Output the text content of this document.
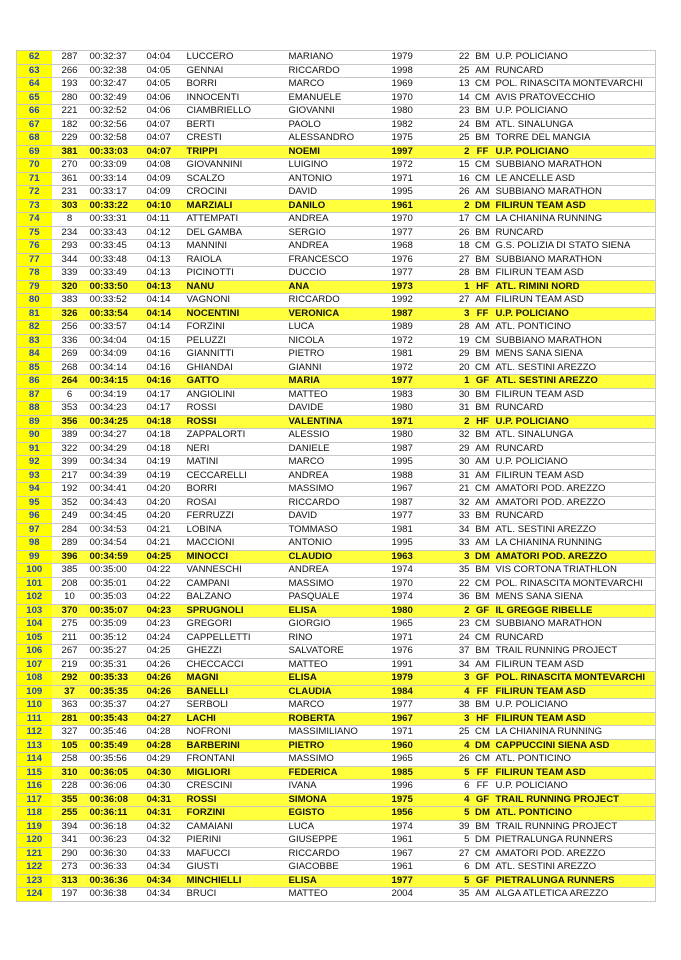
62	287	00:32:37	04:04	LUCCERO	MARIANO	1979	22	BM	U.P. POLICIANO
63	266	00:32:38	04:05	GENNAI	RICCARDO	1998	25	AM	RUNCARD
64	193	00:32:47	04:05	BORRI	MARCO	1969	13	CM	POL. RINASCITA MONTEVARCHI
65	280	00:32:49	04:06	INNOCENTI	EMANUELE	1970	14	CM	AVIS PRATOVECCHIO
66	221	00:32:52	04:06	CIAMBRIELLO	GIOVANNI	1980	23	BM	U.P. POLICIANO
67	182	00:32:56	04:07	BERTI	PAOLO	1982	24	BM	ATL. SINALUNGA
68	229	00:32:58	04:07	CRESTI	ALESSANDRO	1975	25	BM	TORRE DEL MANGIA
69	381	00:33:03	04:07	TRIPPI	NOEMI	1997	2	FF	U.P. POLICIANO
70	270	00:33:09	04:08	GIOVANNINI	LUIGINO	1972	15	CM	SUBBIANO MARATHON
71	361	00:33:14	04:09	SCALZO	ANTONIO	1971	16	CM	LE ANCELLE ASD
72	231	00:33:17	04:09	CROCINI	DAVID	1995	26	AM	SUBBIANO MARATHON
73	303	00:33:22	04:10	MARZIALI	DANILO	1961	2	DM	FILIRUN TEAM ASD
74	8	00:33:31	04:11	ATTEMPATI	ANDREA	1970	17	CM	LA CHIANINA RUNNING
75	234	00:33:43	04:12	DEL GAMBA	SERGIO	1977	26	BM	RUNCARD
76	293	00:33:45	04:13	MANNINI	ANDREA	1968	18	CM	G.S. POLIZIA DI STATO SIENA
77	344	00:33:48	04:13	RAIOLA	FRANCESCO	1976	27	BM	SUBBIANO MARATHON
78	339	00:33:49	04:13	PICINOTTI	DUCCIO	1977	28	BM	FILIRUN TEAM ASD
79	320	00:33:50	04:13	NANU	ANA	1973	1	HF	ATL. RIMINI NORD
80	383	00:33:52	04:14	VAGNONI	RICCARDO	1992	27	AM	FILIRUN TEAM ASD
81	326	00:33:54	04:14	NOCENTINI	VERONICA	1987	3	FF	U.P. POLICIANO
82	256	00:33:57	04:14	FORZINI	LUCA	1989	28	AM	ATL. PONTICINO
83	336	00:34:04	04:15	PELUZZI	NICOLA	1972	19	CM	SUBBIANO MARATHON
84	269	00:34:09	04:16	GIANNITTI	PIETRO	1981	29	BM	MENS SANA SIENA
85	268	00:34:14	04:16	GHIANDAI	GIANNI	1972	20	CM	ATL. SESTINI AREZZO
86	264	00:34:15	04:16	GATTO	MARIA	1977	1	GF	ATL. SESTINI AREZZO
87	6	00:34:19	04:17	ANGIOLINI	MATTEO	1983	30	BM	FILIRUN TEAM ASD
88	353	00:34:23	04:17	ROSSI	DAVIDE	1980	31	BM	RUNCARD
89	356	00:34:25	04:18	ROSSI	VALENTINA	1971	2	HF	U.P. POLICIANO
90	389	00:34:27	04:18	ZAPPALORTI	ALESSIO	1980	32	BM	ATL. SINALUNGA
91	322	00:34:29	04:18	NERI	DANIELE	1987	29	AM	RUNCARD
92	399	00:34:34	04:19	MATINI	MARCO	1995	30	AM	U.P. POLICIANO
93	217	00:34:39	04:19	CECCARELLI	ANDREA	1988	31	AM	FILIRUN TEAM ASD
94	192	00:34:41	04:20	BORRI	MASSIMO	1967	21	CM	AMATORI POD. AREZZO
95	352	00:34:43	04:20	ROSAI	RICCARDO	1987	32	AM	AMATORI POD. AREZZO
96	249	00:34:45	04:20	FERRUZZI	DAVID	1977	33	BM	RUNCARD
97	284	00:34:53	04:21	LOBINA	TOMMASO	1981	34	BM	ATL. SESTINI AREZZO
98	289	00:34:54	04:21	MACCIONI	ANTONIO	1995	33	AM	LA CHIANINA RUNNING
99	396	00:34:59	04:25	MINOCCI	CLAUDIO	1963	3	DM	AMATORI POD. AREZZO
100	385	00:35:00	04:22	VANNESCHI	ANDREA	1974	35	BM	VIS CORTONA TRIATHLON
101	208	00:35:01	04:22	CAMPANI	MASSIMO	1970	22	CM	POL. RINASCITA MONTEVARCHI
102	10	00:35:03	04:22	BALZANO	PASQUALE	1974	36	BM	MENS SANA SIENA
103	370	00:35:07	04:23	SPRUGNOLI	ELISA	1980	2	GF	IL GREGGE RIBELLE
104	275	00:35:09	04:23	GREGORI	GIORGIO	1965	23	CM	SUBBIANO MARATHON
105	211	00:35:12	04:24	CAPPELLETTI	RINO	1971	24	CM	RUNCARD
106	267	00:35:27	04:25	GHEZZI	SALVATORE	1976	37	BM	TRAIL RUNNING PROJECT
107	219	00:35:31	04:26	CHECCACCI	MATTEO	1991	34	AM	FILIRUN TEAM ASD
108	292	00:35:33	04:26	MAGNI	ELISA	1979	3	GF	POL. RINASCITA MONTEVARCHI
109	37	00:35:35	04:26	BANELLI	CLAUDIA	1984	4	FF	FILIRUN TEAM ASD
110	363	00:35:37	04:27	SERBOLI	MARCO	1977	38	BM	U.P. POLICIANO
111	281	00:35:43	04:27	LACHI	ROBERTA	1967	3	HF	FILIRUN TEAM ASD
112	327	00:35:46	04:28	NOFRONI	MASSIMILIANO	1971	25	CM	LA CHIANINA RUNNING
113	105	00:35:49	04:28	BARBERINI	PIETRO	1960	4	DM	CAPPUCCINI SIENA ASD
114	258	00:35:56	04:29	FRONTANI	MASSIMO	1965	26	CM	ATL. PONTICINO
115	310	00:36:05	04:30	MIGLIORI	FEDERICA	1985	5	FF	FILIRUN TEAM ASD
116	228	00:36:06	04:30	CRESCINI	IVANA	1996	6	FF	U.P. POLICIANO
117	355	00:36:08	04:31	ROSSI	SIMONA	1975	4	GF	TRAIL RUNNING PROJECT
118	255	00:36:11	04:31	FORZINI	EGISTO	1956	5	DM	ATL. PONTICINO
119	394	00:36:18	04:32	CAMAIANI	LUCA	1974	39	BM	TRAIL RUNNING PROJECT
120	341	00:36:23	04:32	PIERINI	GIUSEPPE	1961	5	DM	PIETRALUNGA RUNNERS
121	290	00:36:30	04:33	MAFUCCI	RICCARDO	1967	27	CM	AMATORI POD. AREZZO
122	273	00:36:33	04:34	GIUSTI	GIACOBBE	1961	6	DM	ATL. SESTINI AREZZO
123	313	00:36:36	04:34	MINCHIELLI	ELISA	1977	5	GF	PIETRALUNGA RUNNERS
124	197	00:36:38	04:34	BRUCI	MATTEO	2004	35	AM	ALGA ATLETICA AREZZO
